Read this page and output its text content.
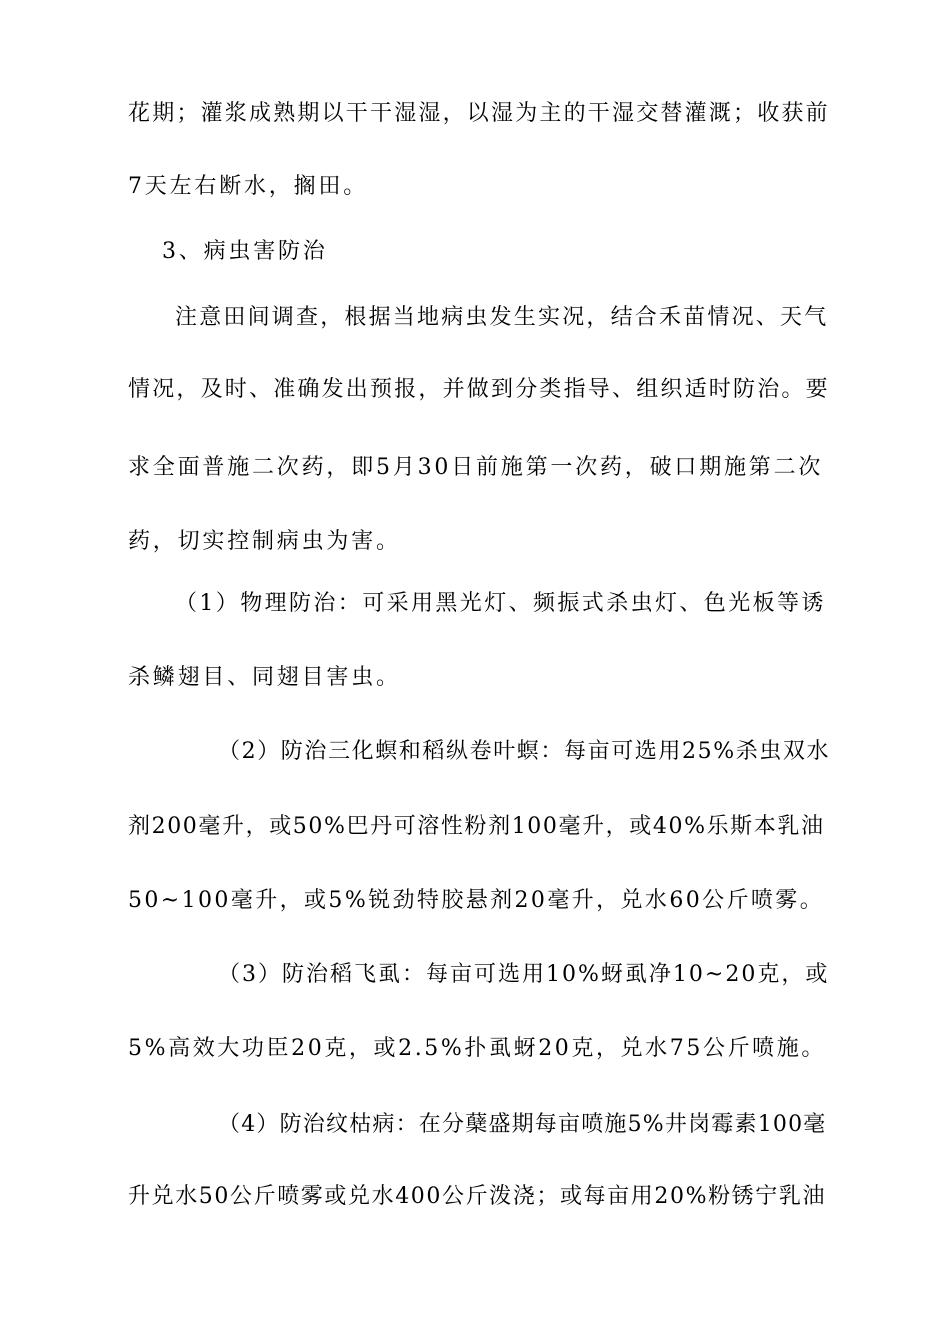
花期；灌浆成熟期以干干湿湿，以湿为主的干湿交替灌溉；收获前
7天左右断水，搁田。
3、病虫害防治
注意田间调查，根据当地病虫发生实况，结合禾苗情况、天气
情况，及时、准确发出预报，并做到分类指导、组织适时防治。要
求全面普施二次药，即5月30日前施第一次药，破口期施第二次
药，切实控制病虫为害。
（1）物理防治：可采用黑光灯、频振式杀虫灯、色光板等诱
杀鳞翅目、同翅目害虫。
（2）防治三化螟和稻纵卷叶螟：每亩可选用25%杀虫双水
剂200毫升，或50%巴丹可溶性粉剂100毫升，或40%乐斯本乳油
50~100毫升，或5%锐劲特胶悬剂20毫升，兑水60公斤喷雾。
（3）防治稻飞虱：每亩可选用10%蚜虱净10~20克，或
5%高效大功臣20克，或2.5%扑虱蚜20克，兑水75公斤喷施。
（4）防治纹枯病：在分蘖盛期每亩喷施5%井岗霉素100毫
升兑水50公斤喷雾或兑水400公斤泼浇；或每亩用20%粉锈宁乳油
